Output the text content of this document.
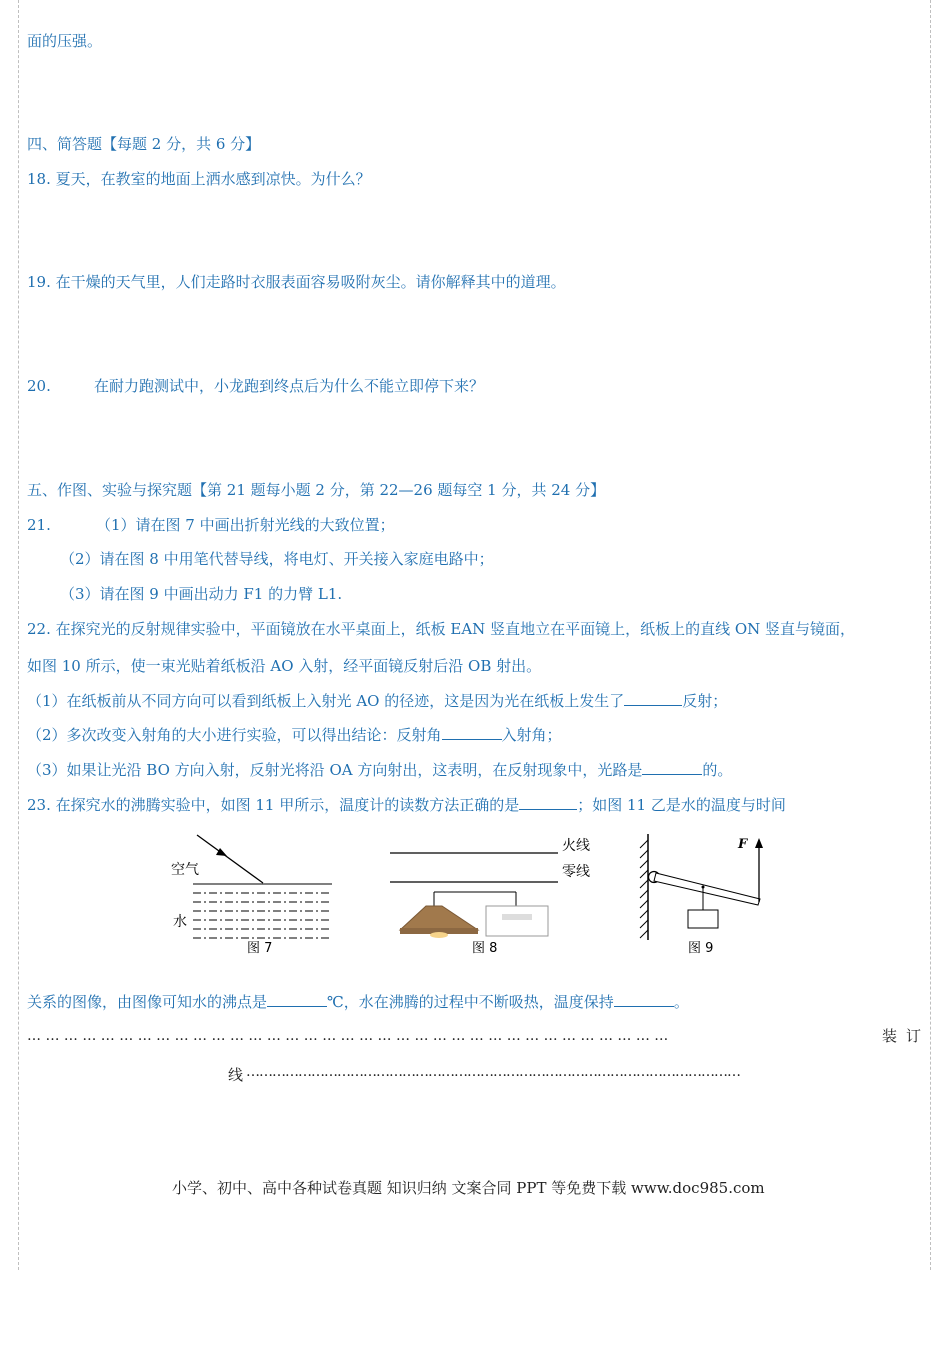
面的压强。
四、简答题【每题 2 分，共 6 分】
18. 夏天，在教室的地面上洒水感到凉快。为什么？
19. 在干燥的天气里，人们走路时衣服表面容易吸附灰尘。请你解释其中的道理。
20.	在耐力跑测试中，小龙跑到终点后为什么不能立即停下来？
五、作图、实验与探究题【第 21 题每小题 2 分，第 22—26 题每空 1 分，共 24 分】
21.	（1）请在图 7 中画出折射光线的大致位置；
（2）请在图 8 中用笔代替导线，将电灯、开关接入家庭电路中；
（3）请在图 9 中画出动力 F1 的力臂 L1.
22. 在探究光的反射规律实验中，平面镜放在水平桌面上，纸板 EAN 竖直地立在平面镜上，纸板上的直线 ON 竖直与镜面，
如图 10 所示，使一束光贴着纸板沿 AO 入射，经平面镜反射后沿 OB 射出。
（1）在纸板前从不同方向可以看到纸板上入射光 AO 的径迹，这是因为光在纸板上发生了	反射；
（2）多次改变入射角的大小进行实验，可以得出结论：反射角	入射角；
（3）如果让光沿 BO 方向入射，反射光将沿 OA 方向射出，这表明，在反射现象中，光路是	的。
23. 在探究水的沸腾实验中，如图 11 甲所示，温度计的读数方法正确的是	；如图 11 乙是水的温度与时间
空气
水
图 7
火线
零线
图 8
F
图 9
关系的图像，由图像可知水的沸点是	℃，水在沸腾的过程中不断吸热，温度保持	。
… … … … … … … … … … … … … … … … … … … … … … … … … … … … … … … … … … …	装 订
线 ……………………………………………………………………………………………………
小学、初中、高中各种试卷真题 知识归纳 文案合同 PPT 等免费下载 www.doc985.com
